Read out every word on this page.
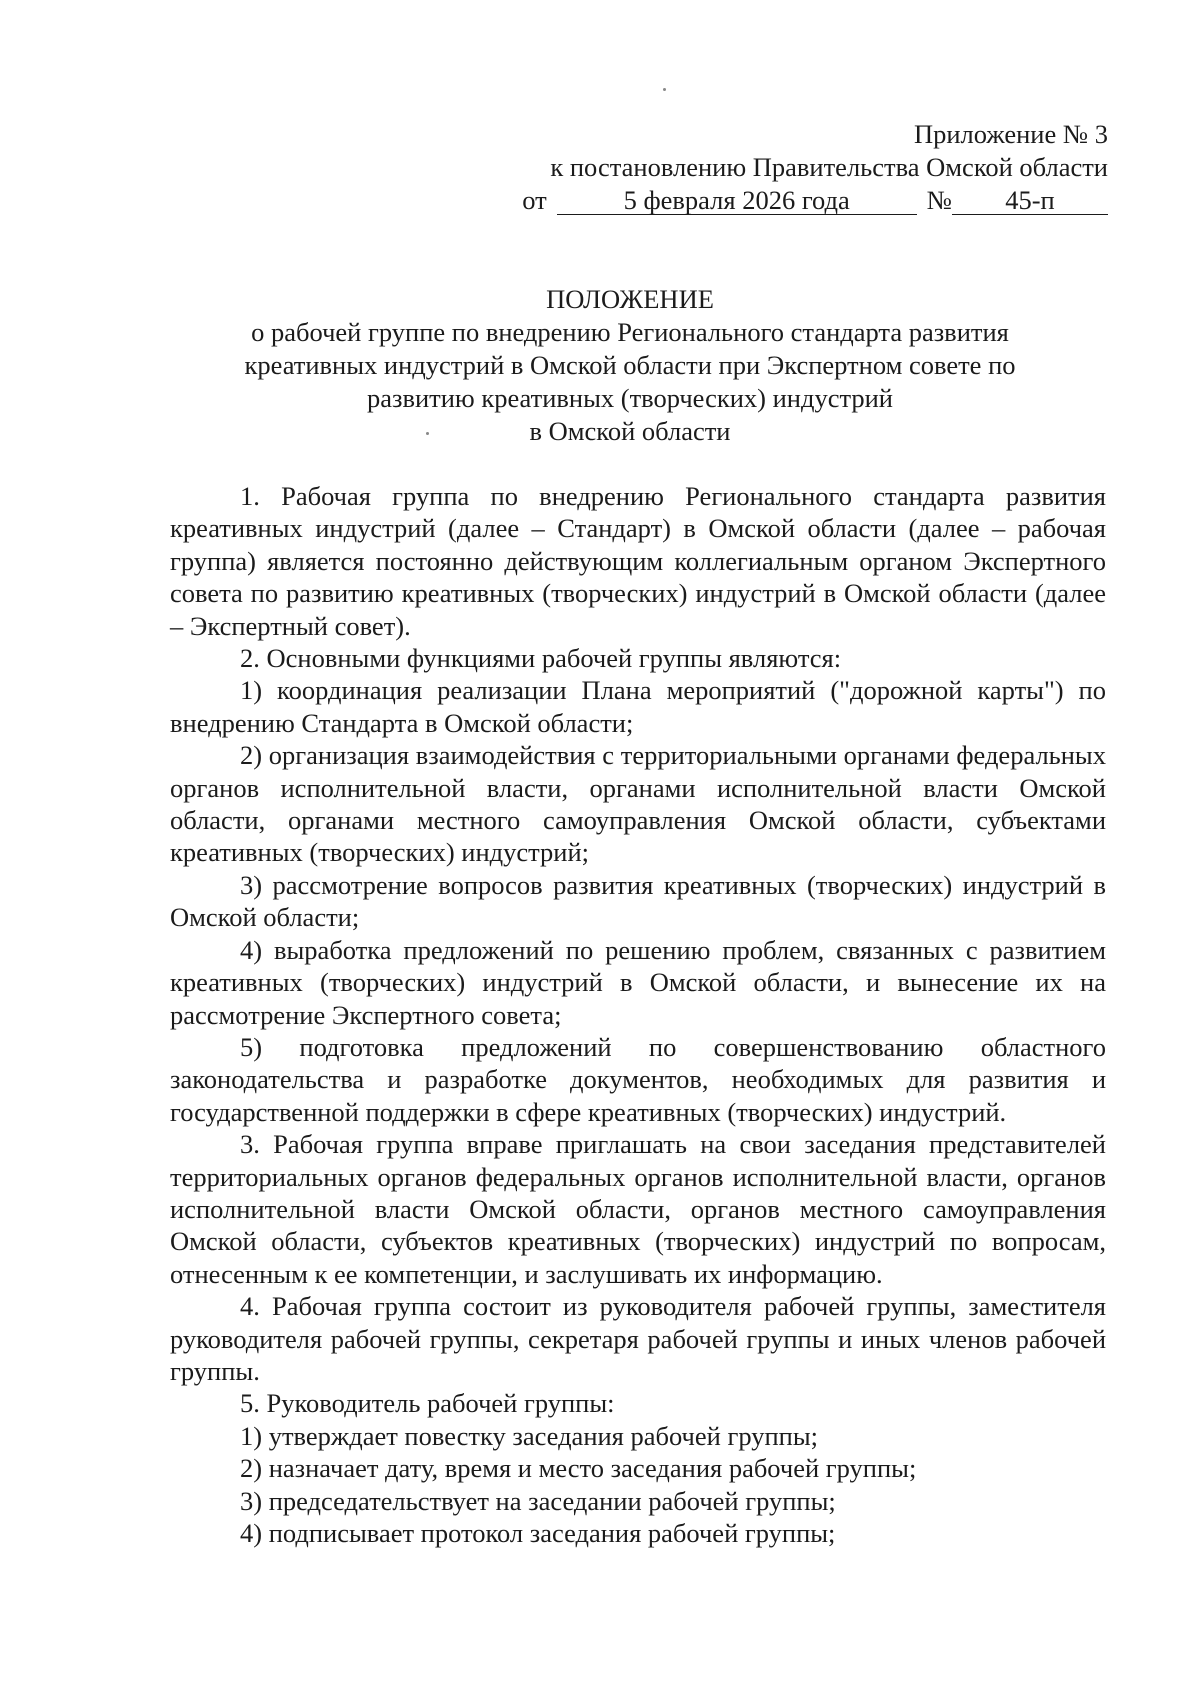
Приложение № 3
к постановлению Правительства Омской области
от	5 февраля 2026 года	№ 45-п
ПОЛОЖЕНИЕ
о рабочей группе по внедрению Регионального стандарта развития
креативных индустрий в Омской области при Экспертном совете по
развитию креативных (творческих) индустрий
в Омской области

1. Рабочая группа по внедрению Регионального стандарта развития креативных индустрий (далее – Стандарт) в Омской области (далее – рабочая группа) является постоянно действующим коллегиальным органом Экспертного совета по развитию креативных (творческих) индустрий в Омской области (далее – Экспертный совет).

2. Основными функциями рабочей группы являются:

1) координация реализации Плана мероприятий ("дорожной карты") по внедрению Стандарта в Омской области;

2) организация взаимодействия с территориальными органами федеральных органов исполнительной власти, органами исполнительной власти Омской области, органами местного самоуправления Омской области, субъектами креативных (творческих) индустрий;

3) рассмотрение вопросов развития креативных (творческих) индустрий в Омской области;

4) выработка предложений по решению проблем, связанных с развитием креативных (творческих) индустрий в Омской области, и вынесение их на рассмотрение Экспертного совета;

5) подготовка предложений по совершенствованию областного законодательства и разработке документов, необходимых для развития и государственной поддержки в сфере креативных (творческих) индустрий.

3. Рабочая группа вправе приглашать на свои заседания представителей территориальных органов федеральных органов исполнительной власти, органов исполнительной власти Омской области, органов местного самоуправления Омской области, субъектов креативных (творческих) индустрий по вопросам, отнесенным к ее компетенции, и заслушивать их информацию.

4. Рабочая группа состоит из руководителя рабочей группы, заместителя руководителя рабочей группы, секретаря рабочей группы и иных членов рабочей группы.

5. Руководитель рабочей группы:

1) утверждает повестку заседания рабочей группы;

2) назначает дату, время и место заседания рабочей группы;

3) председательствует на заседании рабочей группы;

4) подписывает протокол заседания рабочей группы;
